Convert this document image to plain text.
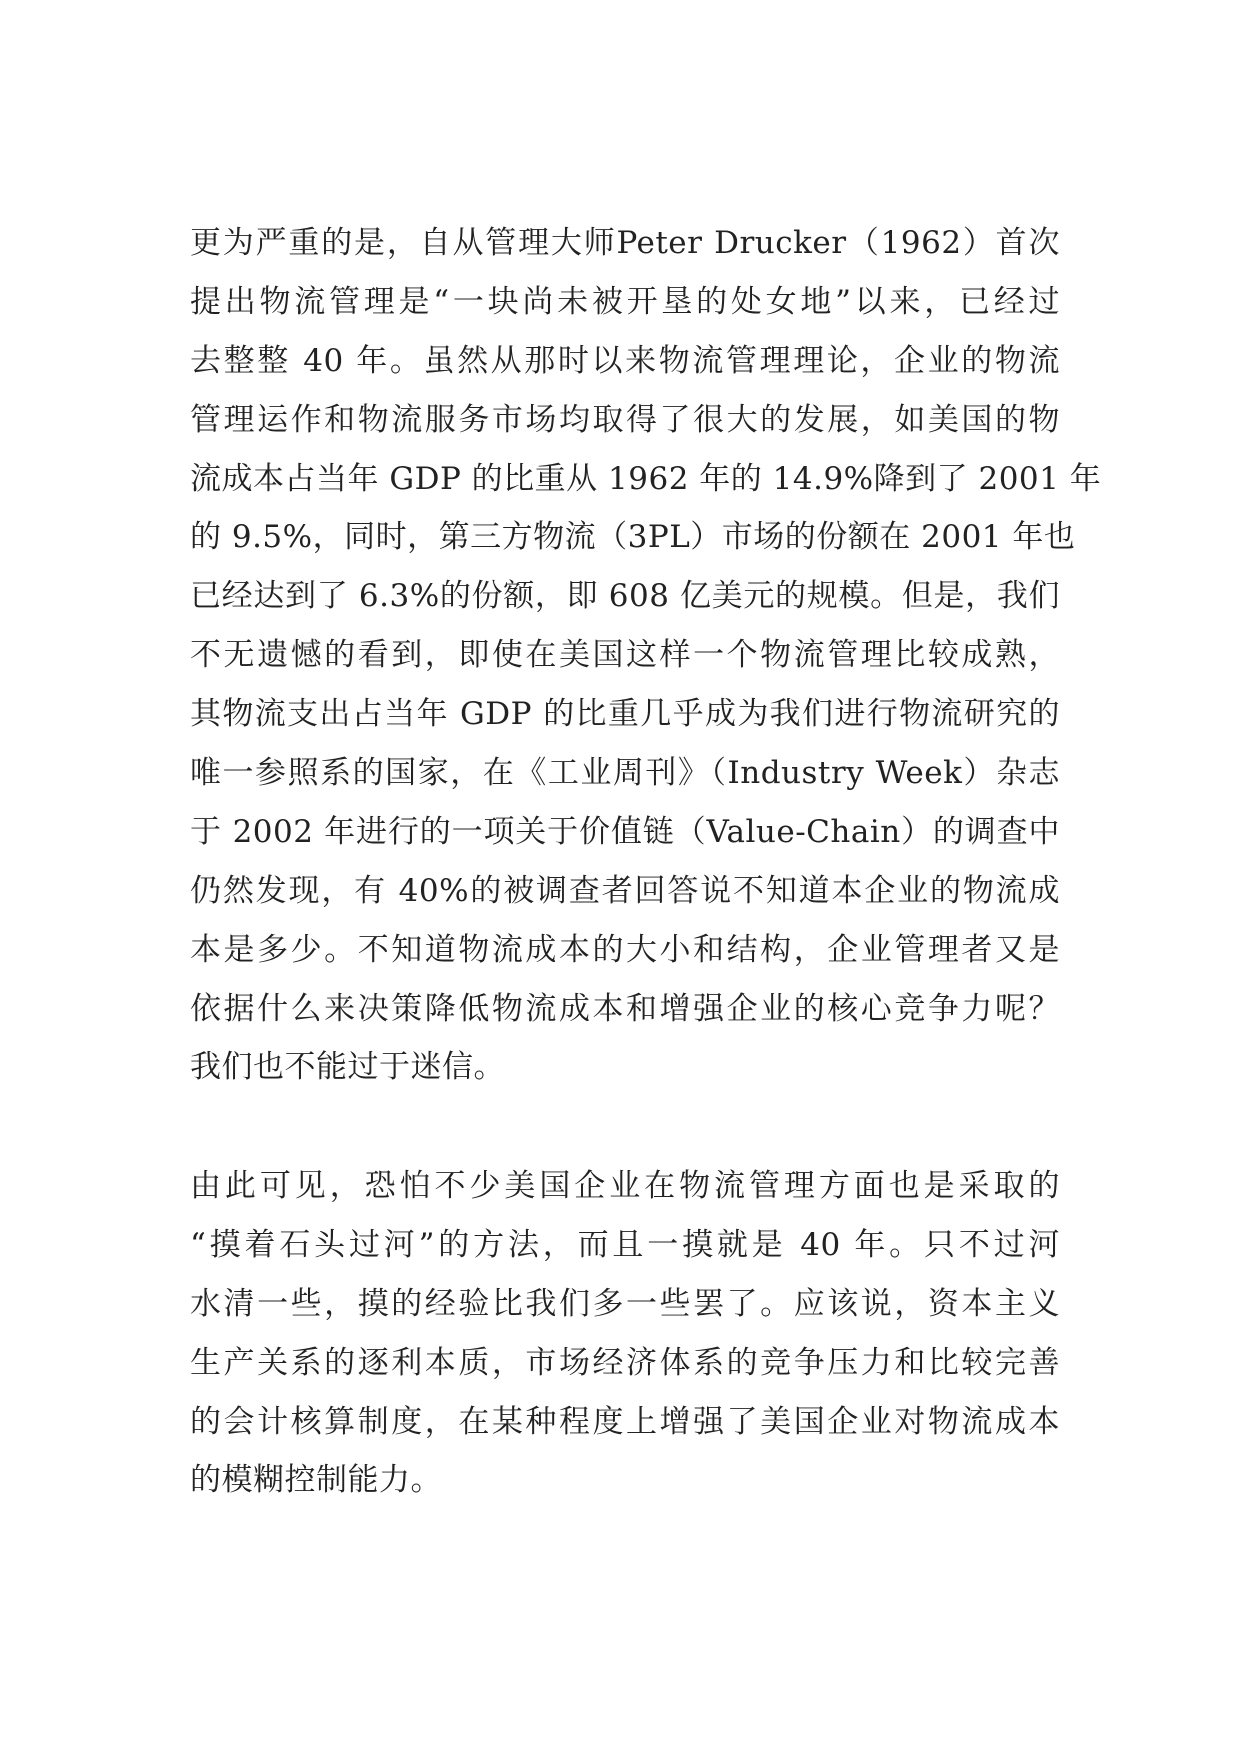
更为严重的是，自从管理大师Peter Drucker（1962）首次
提出物流管理是“一块尚未被开垦的处女地”以来，已经过
去整整 40 年。虽然从那时以来物流管理理论，企业的物流
管理运作和物流服务市场均取得了很大的发展，如美国的物
流成本占当年 GDP 的比重从 1962 年的 14.9%降到了 2001 年
的 9.5%，同时，第三方物流（3PL）市场的份额在 2001 年也
已经达到了 6.3%的份额，即 608 亿美元的规模。但是，我们
不无遗憾的看到，即使在美国这样一个物流管理比较成熟，
其物流支出占当年 GDP 的比重几乎成为我们进行物流研究的
唯一参照系的国家，在《工业周刊》（Industry Week）杂志
于 2002 年进行的一项关于价值链（Value-Chain）的调查中
仍然发现，有 40%的被调查者回答说不知道本企业的物流成
本是多少。不知道物流成本的大小和结构，企业管理者又是
依据什么来决策降低物流成本和增强企业的核心竞争力呢？
我们也不能过于迷信。
由此可见，恐怕不少美国企业在物流管理方面也是采取的
“摸着石头过河”的方法，而且一摸就是 40 年。只不过河
水清一些，摸的经验比我们多一些罢了。应该说，资本主义
生产关系的逐利本质，市场经济体系的竞争压力和比较完善
的会计核算制度，在某种程度上增强了美国企业对物流成本
的模糊控制能力。
